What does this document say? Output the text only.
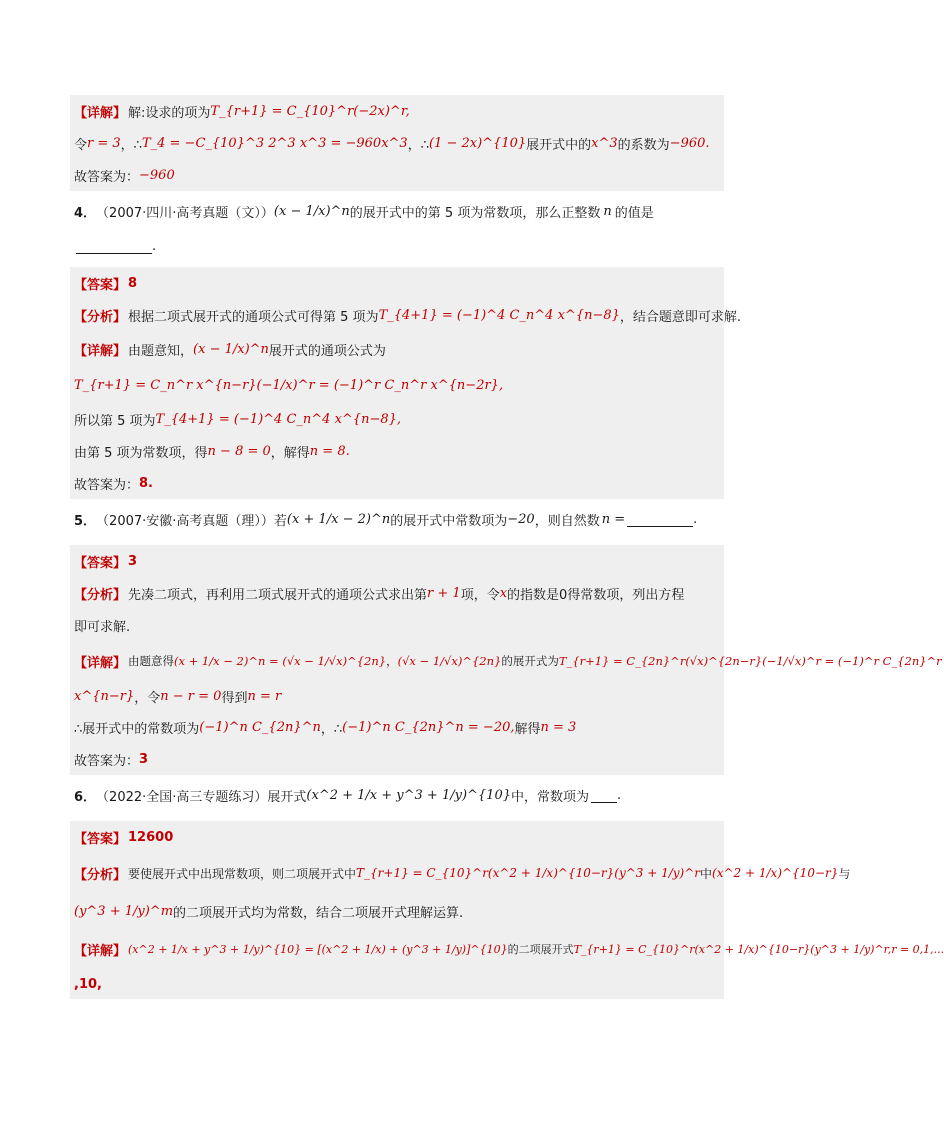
【详解】 解:设求的项为 T_{r+1} = C_{10}^r(−2x)^r,
令 r = 3 ，∴ T_4 = −C_{10}^3 2^3 x^3 = −960x^3 ，∴ (1 − 2x)^{10} 展开式中的 x^3 的系数为 −960.
故答案为： −960
4． （2007·四川·高考真题（文）） (x − 1/x)^n 的展开式中的第 5 项为常数项，那么正整数 n 的值是
.
【答案】 8
【分析】 根据二项式展开式的通项公式可得第 5 项为 T_{4+1} = (−1)^4 C_n^4 x^{n−8} ，结合题意即可求解.
【详解】 由题意知， (x − 1/x)^n 展开式的通项公式为
T_{r+1} = C_n^r x^{n−r}(−1/x)^r = (−1)^r C_n^r x^{n−2r},
所以第 5 项为 T_{4+1} = (−1)^4 C_n^4 x^{n−8},
由第 5 项为常数项，得 n − 8 = 0 ，解得 n = 8.
故答案为： 8.
5． （2007·安徽·高考真题（理）） 若 (x + 1/x − 2)^n 的展开式中常数项为 −20 ，则自然数 n =	.
【答案】 3
【分析】 先凑二项式，再利用二项式展开式的通项公式求出第 r + 1 项，令 x 的指数是0得常数项，列出方程
即可求解.
【详解】 由题意得 (x + 1/x − 2)^n = (√x − 1/√x)^{2n} ， (√x − 1/√x)^{2n} 的展开式为 T_{r+1} = C_{2n}^r(√x)^{2n−r}(−1/√x)^r = (−1)^r C_{2n}^r
x^{n−r} ，令 n − r = 0 得到 n = r
∴展开式中的常数项为 (−1)^n C_{2n}^n ，∴ (−1)^n C_{2n}^n = −20, 解得 n = 3
故答案为： 3
6． （2022·全国·高三专题练习） 展开式 (x^2 + 1/x + y^3 + 1/y)^{10} 中，常数项为 .
【答案】 12600
【分析】 要使展开式中出现常数项，则二项展开式中 T_{r+1} = C_{10}^r(x^2 + 1/x)^{10−r}(y^3 + 1/y)^r 中 (x^2 + 1/x)^{10−r} 与
(y^3 + 1/y)^m 的二项展开式均为常数，结合二项展开式理解运算.
【详解】 (x^2 + 1/x + y^3 + 1/y)^{10} = [(x^2 + 1/x) + (y^3 + 1/y)]^{10} 的二项展开式 T_{r+1} = C_{10}^r(x^2 + 1/x)^{10−r}(y^3 + 1/y)^r,r = 0,1,...
,10,
